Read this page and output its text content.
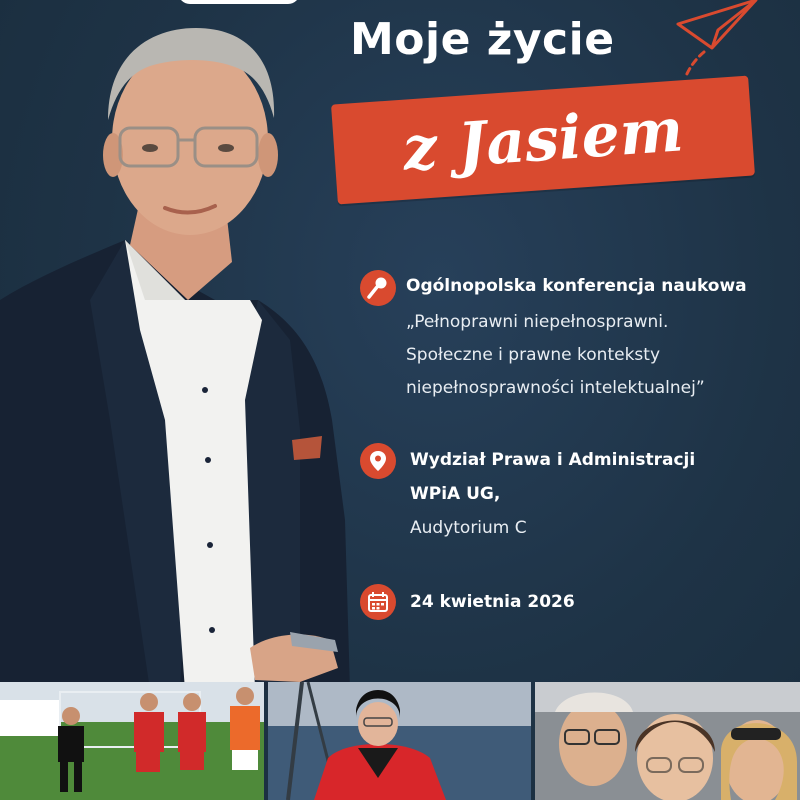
Moje życie
z Jasiem
Ogólnopolska konferencja naukowa
„Pełnoprawni niepełnosprawni.
Społeczne i prawne konteksty
niepełnosprawności intelektualnej”
Wydział Prawa i Administracji
WPiA UG,
Audytorium C
24 kwietnia 2026
